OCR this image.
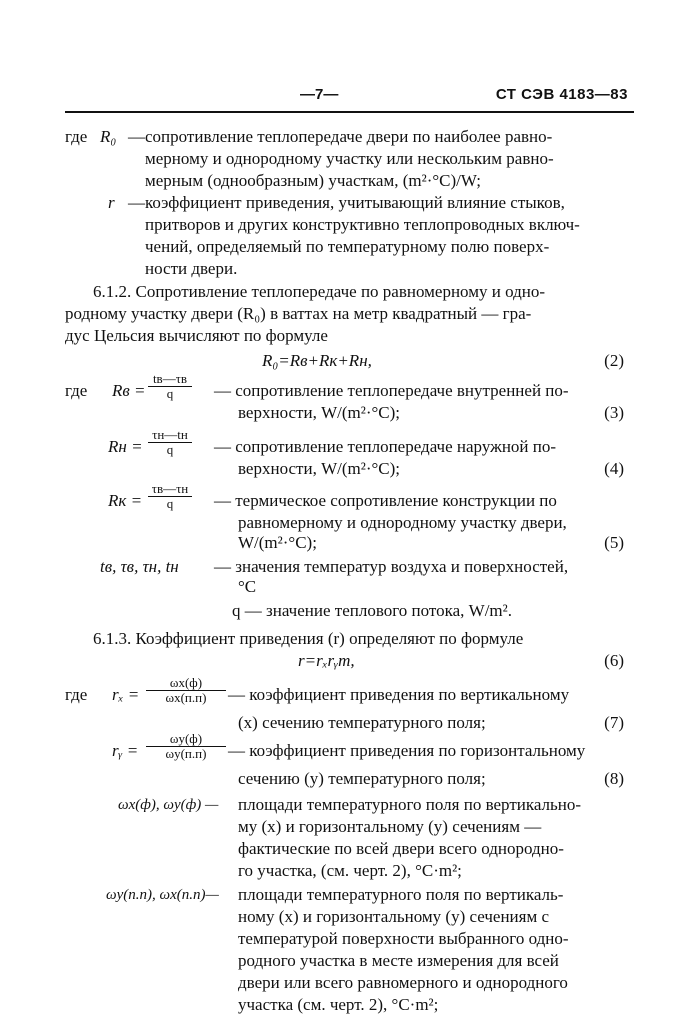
—7—	СТ СЭВ 4183—83
где R₀ — сопротивление теплопередаче двери по наиболее равно-
мерному и однородному участку или нескольким равно-
мерным (однообразным) участкам, (m²·°C)/W;
r — коэффициент приведения, учитывающий влияние стыков,
притворов и других конструктивно теплопроводных включ-
чений, определяемый по температурному полю поверх-
ности двери.
6.1.2. Сопротивление теплопередаче по равномерному и одно-
родному участку двери (R₀) в ваттах на метр квадратный — гра-
дус Цельсия вычисляют по формуле
R₀=Rв+Rк+Rн,	(2)
где Rв =
tв—τв
q	— сопротивление теплопередаче внутренней по-
верхности, W/(m²·°C);	(3)
Rн =
τн—tн
q	— сопротивление теплопередаче наружной по-
верхности, W/(m²·°C);	(4)
Rк =
τв—τн
q	— термическое сопротивление конструкции по
равномерному и однородному участку двери,
W/(m²·°C);	(5)
tв, τв, τн, tн — значения температур воздуха и поверхностей,
°C
q — значение теплового потока, W/m².
6.1.3. Коэффициент приведения (r) определяют по формуле
r=rₓrᵧm,	(6)
где rₓ =
ωx(ф)
ωx(п.п)	— коэффициент приведения по вертикальному
(x) сечению температурного поля;	(7)
rᵧ =
ωy(ф)
ωy(п.п)	— коэффициент приведения по горизонтальному
сечению (y) температурного поля;	(8)
ωx(ф), ωy(ф) — площади температурного поля по вертикально-
му (x) и горизонтальному (y) сечениям —
фактические по всей двери всего однородно-
го участка, (см. черт. 2), °C·m²;
ωy(п.п), ωx(п.п)— площади температурного поля по вертикаль-
ному (x) и горизонтальному (y) сечениям с
температурой поверхности выбранного одно-
родного участка в месте измерения для всей
двери или всего равномерного и однородного
участка (см. черт. 2), °C·m²;
